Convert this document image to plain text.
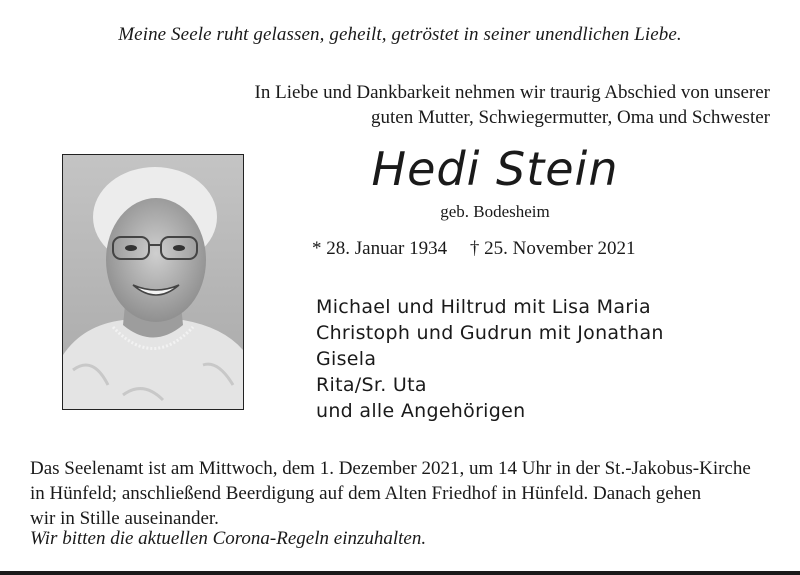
Meine Seele ruht gelassen, geheilt, getröstet in seiner unendlichen Liebe.
In Liebe und Dankbarkeit nehmen wir traurig Abschied von unserer
guten Mutter, Schwiegermutter, Oma und Schwester
Hedi Stein
geb. Bodesheim
* 28. Januar 1934 † 25. November 2021
Michael und Hiltrud mit Lisa Maria
Christoph und Gudrun mit Jonathan
Gisela
Rita/Sr. Uta
und alle Angehörigen
Das Seelenamt ist am Mittwoch, dem 1. Dezember 2021, um 14 Uhr in der St.-Jakobus-Kirche
in Hünfeld; anschließend Beerdigung auf dem Alten Friedhof in Hünfeld. Danach gehen
wir in Stille auseinander.
Wir bitten die aktuellen Corona-Regeln einzuhalten.
